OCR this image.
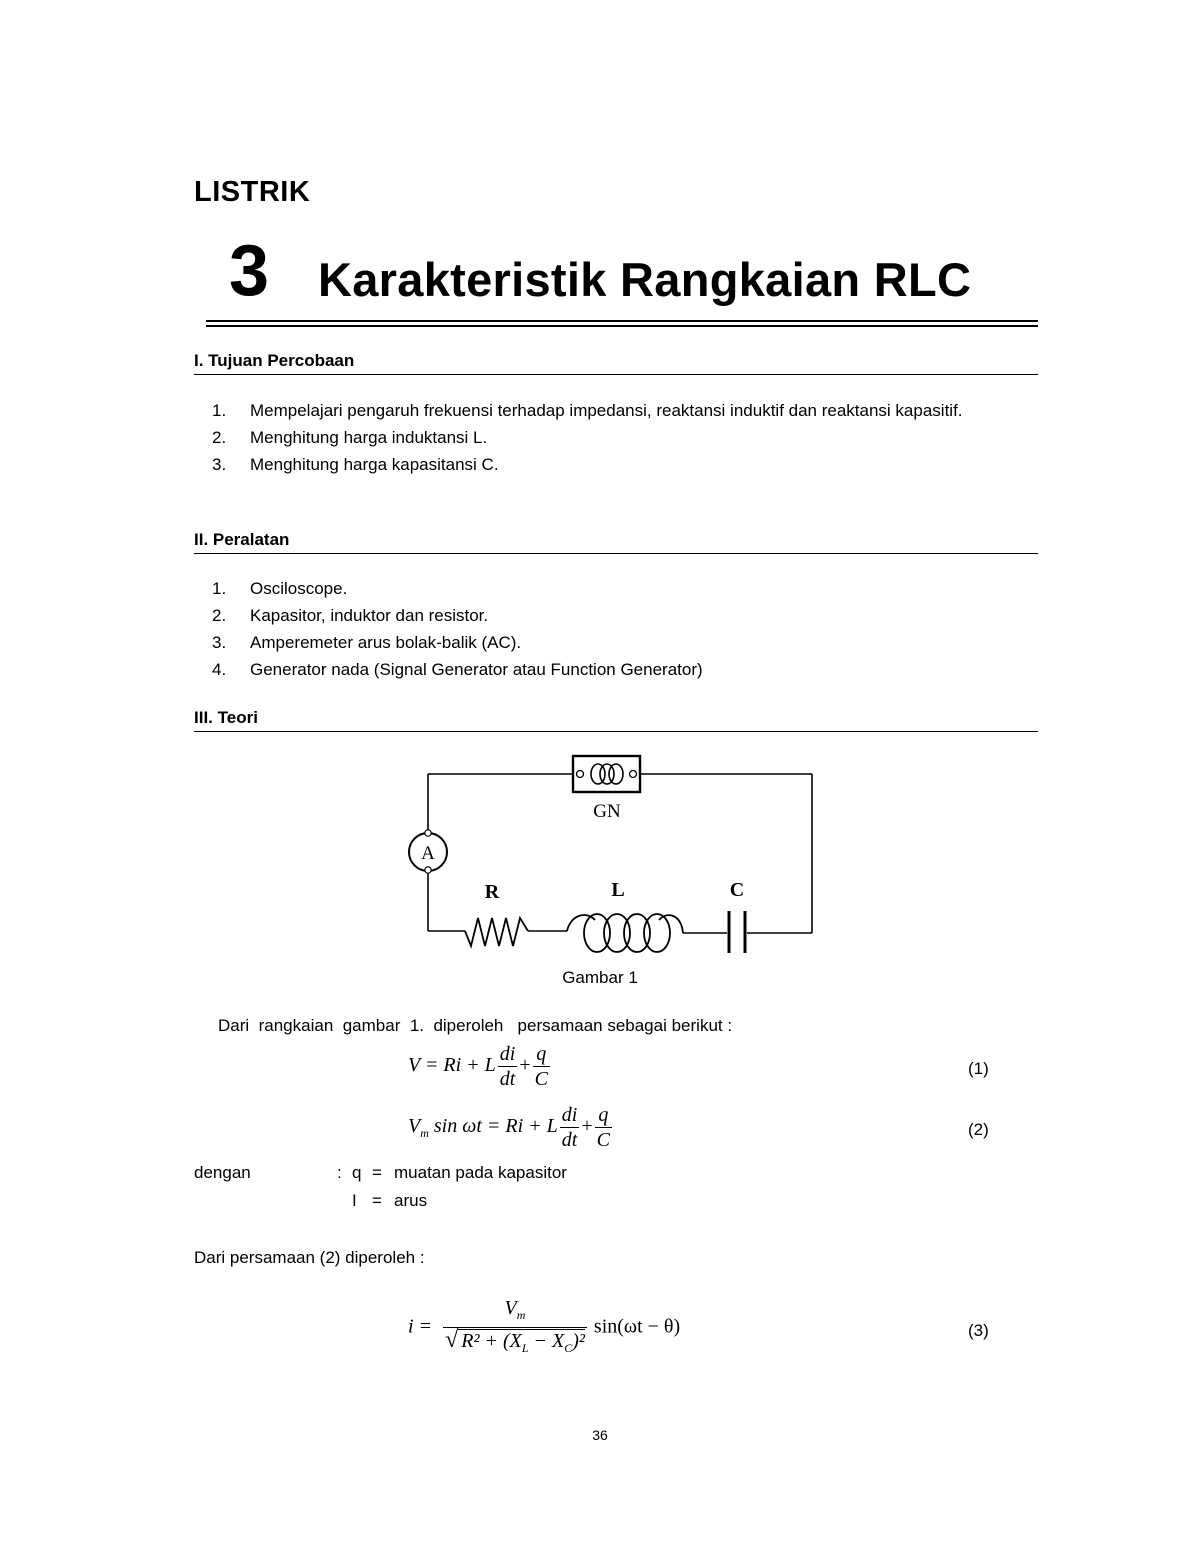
LISTRIK
3 Karakteristik Rangkaian RLC
I. Tujuan Percobaan
1. Mempelajari pengaruh frekuensi terhadap impedansi, reaktansi induktif dan reaktansi kapasitif.
2. Menghitung harga induktansi L.
3. Menghitung harga kapasitansi C.
II. Peralatan
1. Osciloscope.
2. Kapasitor, induktor dan resistor.
3. Amperemeter arus bolak-balik (AC).
4. Generator nada (Signal Generator atau Function Generator)
III. Teori
GN
A
R	L	C
Gambar 1
Dari  rangkaian  gambar  1.  diperoleh   persamaan sebagai berikut :
V = Ri + L $\frac{di}{dt} + \frac{q}{C}$	(1)
$V_m$ sin ωt = Ri + L $\frac{di}{dt} + \frac{q}{C}$	(2)
dengan	: q = muatan pada kapasitor
I = arus
Dari persamaan (2) diperoleh :
$i = \frac{V_m}{√ R^2 + (X_L - X_C)^2} \sin(\omega t - \theta)$	(3)
36
